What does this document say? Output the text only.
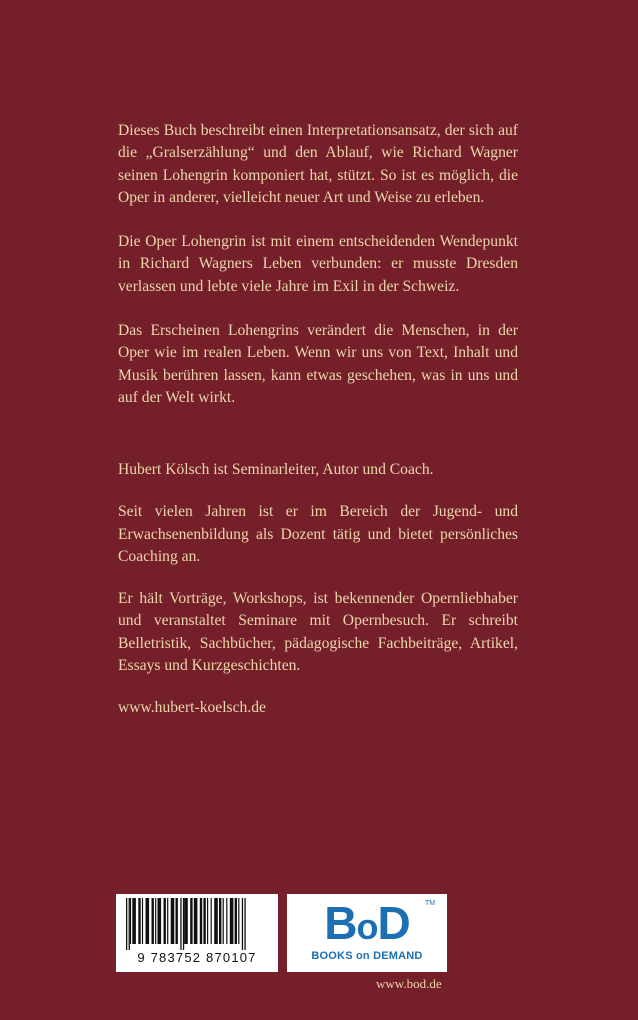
Dieses Buch beschreibt einen Interpretationsansatz, der sich auf die „Gralserzählung“ und den Ablauf, wie Richard Wagner seinen Lohengrin komponiert hat, stützt. So ist es möglich, die Oper in anderer, vielleicht neuer Art und Weise zu erleben.

Die Oper Lohengrin ist mit einem entscheidenden Wendepunkt in Richard Wagners Leben verbunden: er musste Dresden verlassen und lebte viele Jahre im Exil in der Schweiz.

Das Erscheinen Lohengrins verändert die Menschen, in der Oper wie im realen Leben. Wenn wir uns von Text, Inhalt und Musik berühren lassen, kann etwas geschehen, was in uns und auf der Welt wirkt.

Hubert Kölsch ist Seminarleiter, Autor und Coach.

Seit vielen Jahren ist er im Bereich der Jugend- und Erwachsenenbildung als Dozent tätig und bietet persönliches Coaching an.

Er hält Vorträge, Workshops, ist bekennender Opernliebhaber und veranstaltet Seminare mit Opernbesuch. Er schreibt Belletristik, Sachbücher, pädagogische Fachbeiträge, Artikel, Essays und Kurzgeschichten.

www.hubert-koelsch.de

9 783752 870107
BoD	TM
BOOKS on DEMAND
www.bod.de
